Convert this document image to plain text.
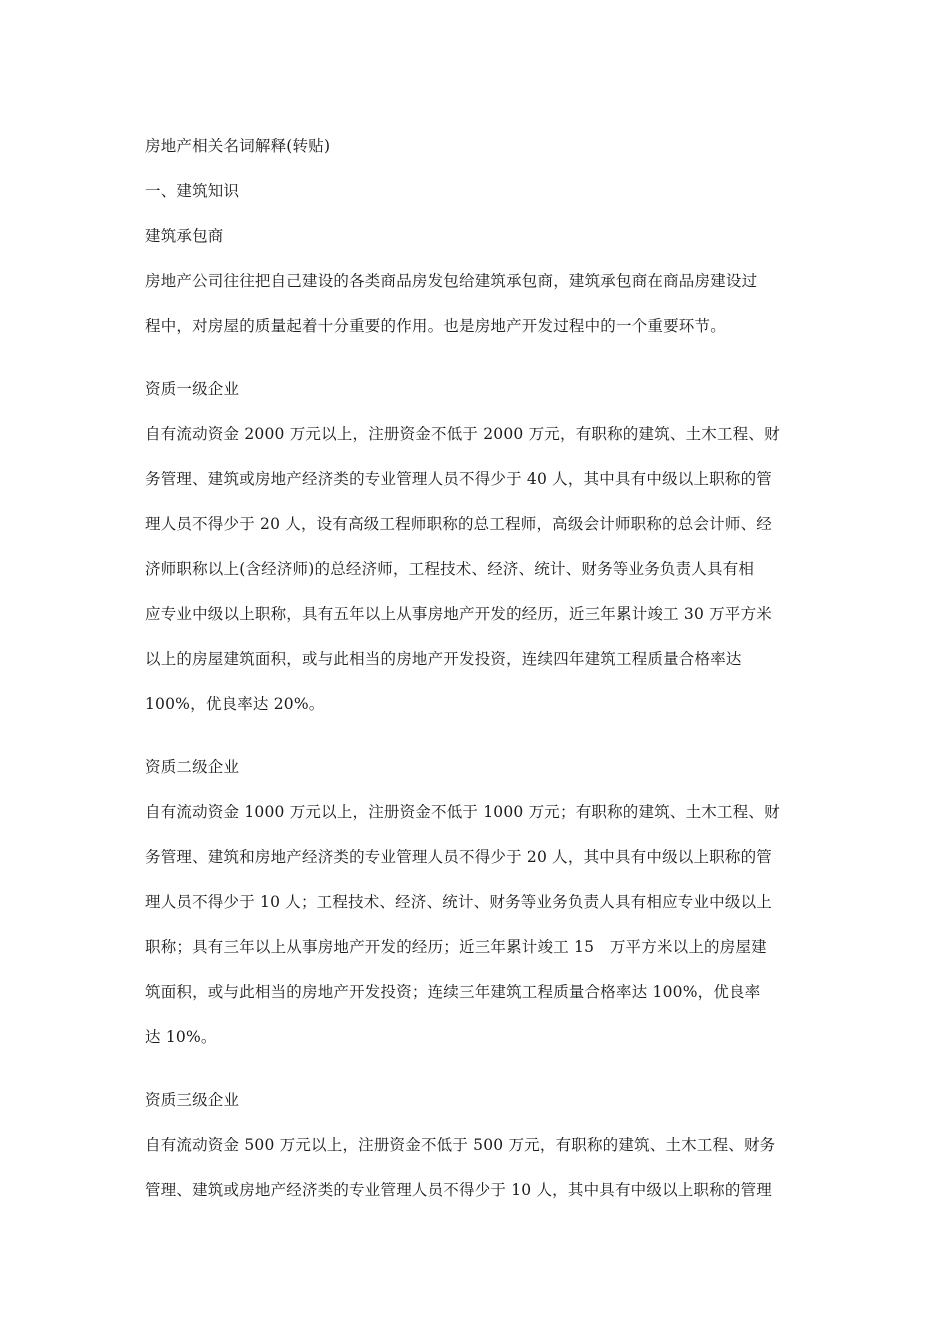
房地产相关名词解释(转贴)
一、建筑知识
建筑承包商
房地产公司往往把自己建设的各类商品房发包给建筑承包商，建筑承包商在商品房建设过
程中，对房屋的质量起着十分重要的作用。也是房地产开发过程中的一个重要环节。
资质一级企业
自有流动资金 2000 万元以上，注册资金不低于 2000 万元，有职称的建筑、土木工程、财
务管理、建筑或房地产经济类的专业管理人员不得少于 40 人，其中具有中级以上职称的管
理人员不得少于 20 人，设有高级工程师职称的总工程师，高级会计师职称的总会计师、经
济师职称以上(含经济师)的总经济师，工程技术、经济、统计、财务等业务负责人具有相
应专业中级以上职称，具有五年以上从事房地产开发的经历，近三年累计竣工 30 万平方米
以上的房屋建筑面积，或与此相当的房地产开发投资，连续四年建筑工程质量合格率达
100%，优良率达 20%。
资质二级企业
自有流动资金 1000 万元以上，注册资金不低于 1000 万元；有职称的建筑、土木工程、财
务管理、建筑和房地产经济类的专业管理人员不得少于 20 人，其中具有中级以上职称的管
理人员不得少于 10 人；工程技术、经济、统计、财务等业务负责人具有相应专业中级以上
职称；具有三年以上从事房地产开发的经历；近三年累计竣工 15　万平方米以上的房屋建
筑面积，或与此相当的房地产开发投资；连续三年建筑工程质量合格率达 100%，优良率
达 10%。
资质三级企业
自有流动资金 500 万元以上，注册资金不低于 500 万元，有职称的建筑、土木工程、财务
管理、建筑或房地产经济类的专业管理人员不得少于 10 人，其中具有中级以上职称的管理
